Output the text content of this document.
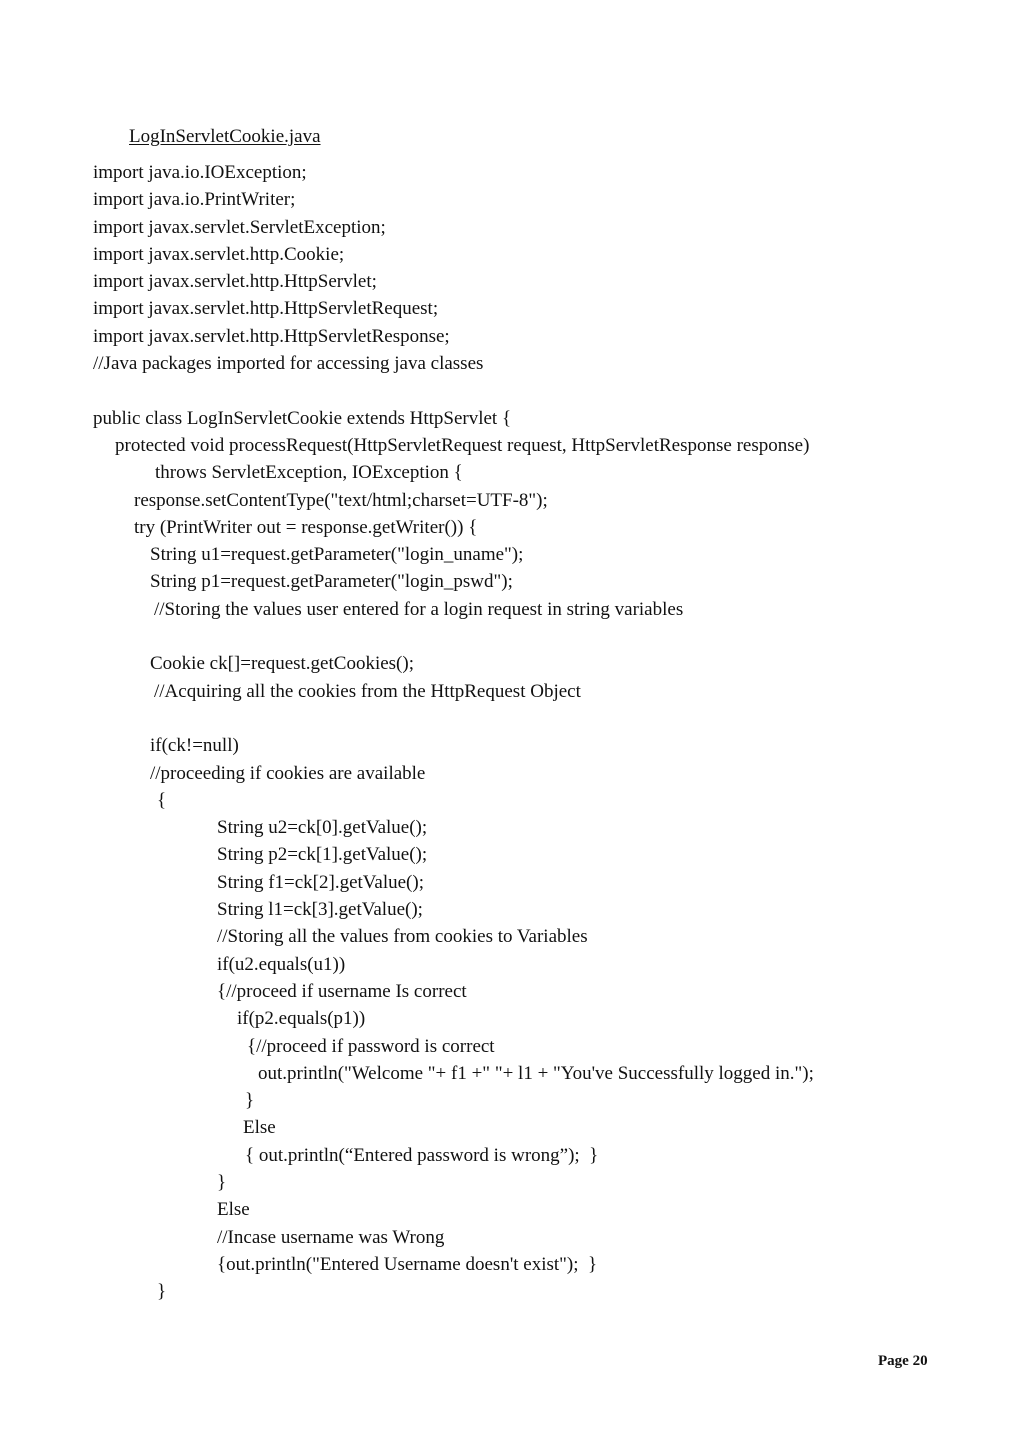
LogInServletCookie.java
import java.io.IOException;
import java.io.PrintWriter;
import javax.servlet.ServletException;
import javax.servlet.http.Cookie;
import javax.servlet.http.HttpServlet;
import javax.servlet.http.HttpServletRequest;
import javax.servlet.http.HttpServletResponse;
//Java packages imported for accessing java classes
public class LogInServletCookie extends HttpServlet {
protected void processRequest(HttpServletRequest request, HttpServletResponse response)
throws ServletException, IOException {
response.setContentType("text/html;charset=UTF-8");
try (PrintWriter out = response.getWriter()) {
String u1=request.getParameter("login_uname");
String p1=request.getParameter("login_pswd");
//Storing the values user entered for a login request in string variables
Cookie ck[]=request.getCookies();
//Acquiring all the cookies from the HttpRequest Object
if(ck!=null)
//proceeding if cookies are available
{
String u2=ck[0].getValue();
String p2=ck[1].getValue();
String f1=ck[2].getValue();
String l1=ck[3].getValue();
//Storing all the values from cookies to Variables
if(u2.equals(u1))
{//proceed if username Is correct
if(p2.equals(p1))
{//proceed if password is correct
out.println("Welcome "+ f1 +" "+ l1 + "You've Successfully logged in.");
}
Else
{ out.println(“Entered password is wrong”);  }
}
Else
//Incase username was Wrong
{out.println("Entered Username doesn't exist");  }
}
Page 20
